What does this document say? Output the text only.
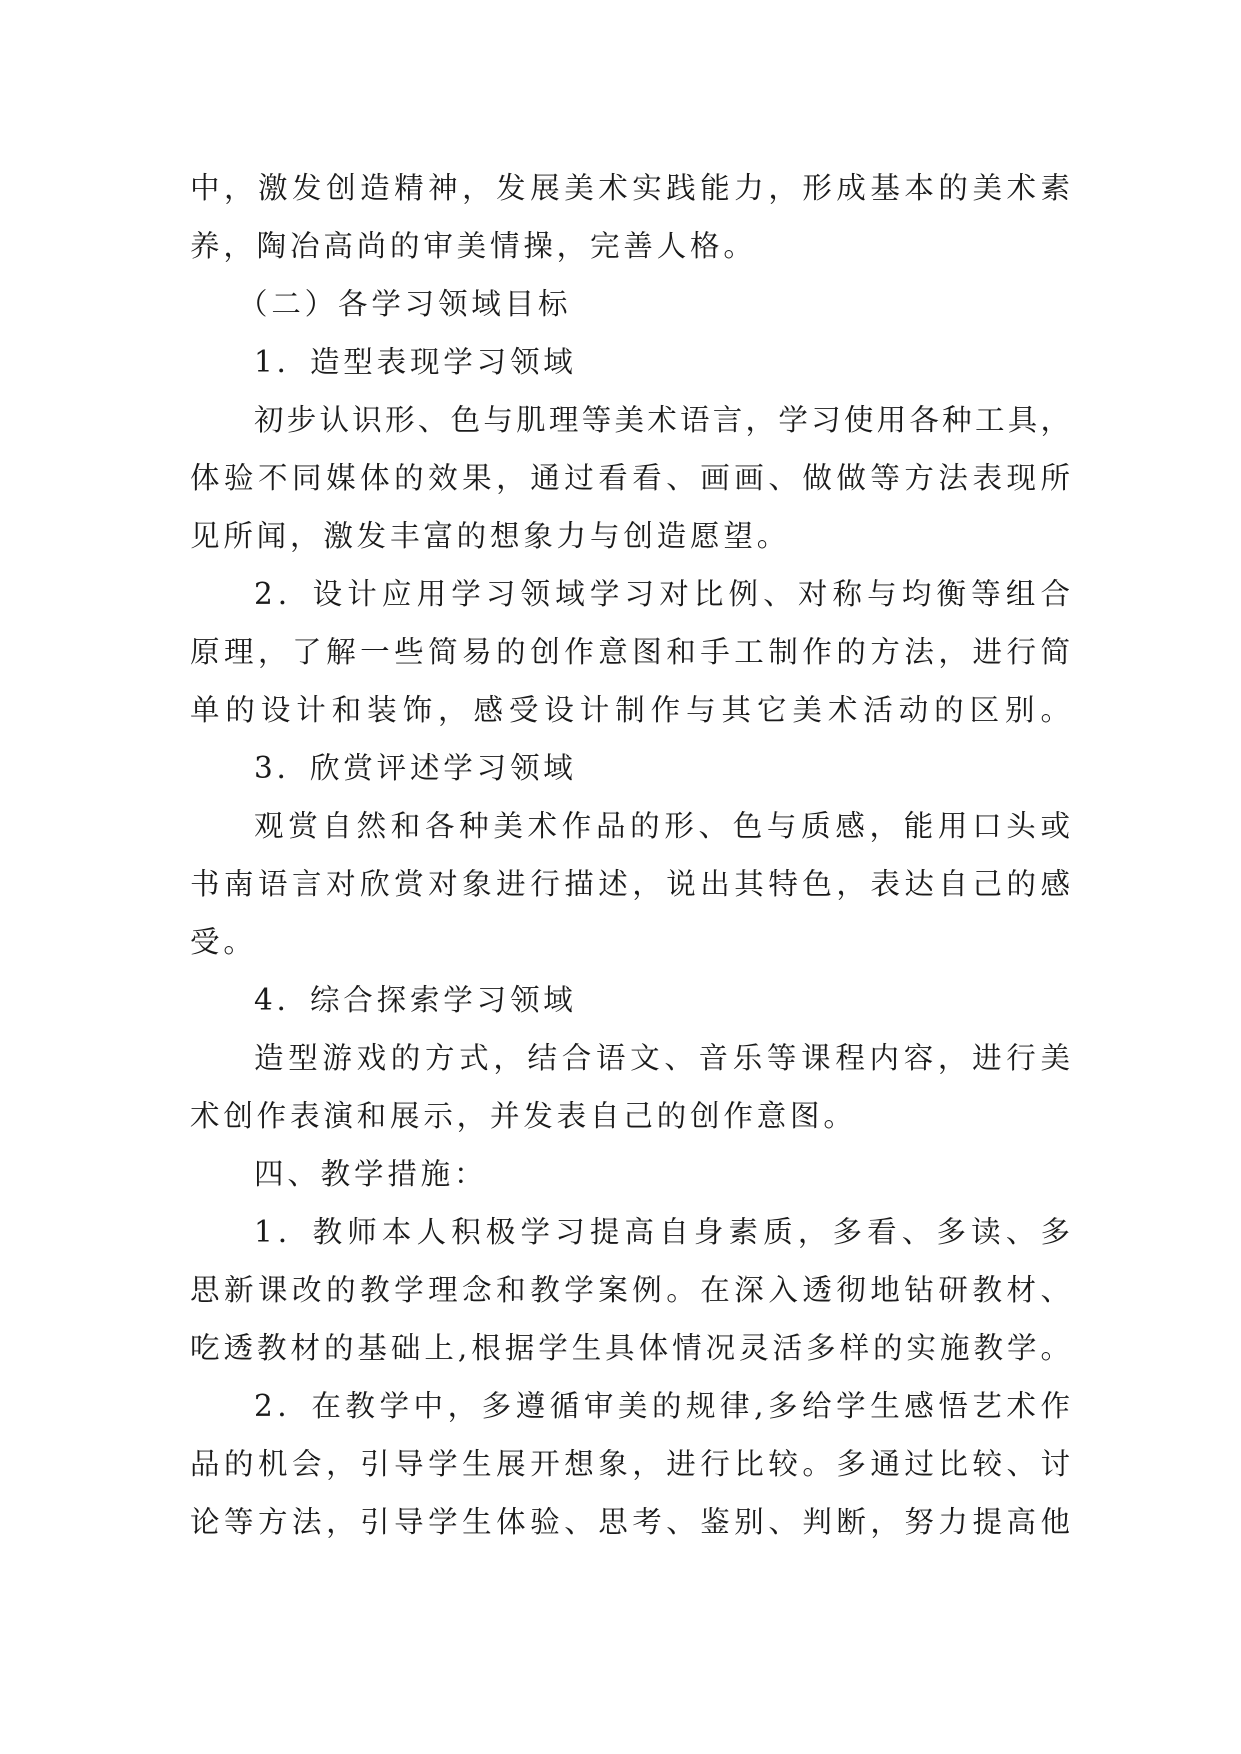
中，激发创造精神，发展美术实践能力，形成基本的美术素
养，陶冶高尚的审美情操，完善人格。
（二）各学习领域目标
1．造型表现学习领域
初步认识形、色与肌理等美术语言，学习使用各种工具，
体验不同媒体的效果，通过看看、画画、做做等方法表现所
见所闻，激发丰富的想象力与创造愿望。
2．设计应用学习领域学习对比例、对称与均衡等组合
原理，了解一些简易的创作意图和手工制作的方法，进行简
单的设计和装饰，感受设计制作与其它美术活动的区别。
3．欣赏评述学习领域
观赏自然和各种美术作品的形、色与质感，能用口头或
书南语言对欣赏对象进行描述，说出其特色，表达自己的感
受。
4．综合探索学习领域
造型游戏的方式，结合语文、音乐等课程内容，进行美
术创作表演和展示，并发表自己的创作意图。
四、教学措施：
1．教师本人积极学习提高自身素质，多看、多读、多
思新课改的教学理念和教学案例。在深入透彻地钻研教材、
吃透教材的基础上,根据学生具体情况灵活多样的实施教学。
2．在教学中，多遵循审美的规律,多给学生感悟艺术作
品的机会，引导学生展开想象，进行比较。多通过比较、讨
论等方法，引导学生体验、思考、鉴别、判断，努力提高他
